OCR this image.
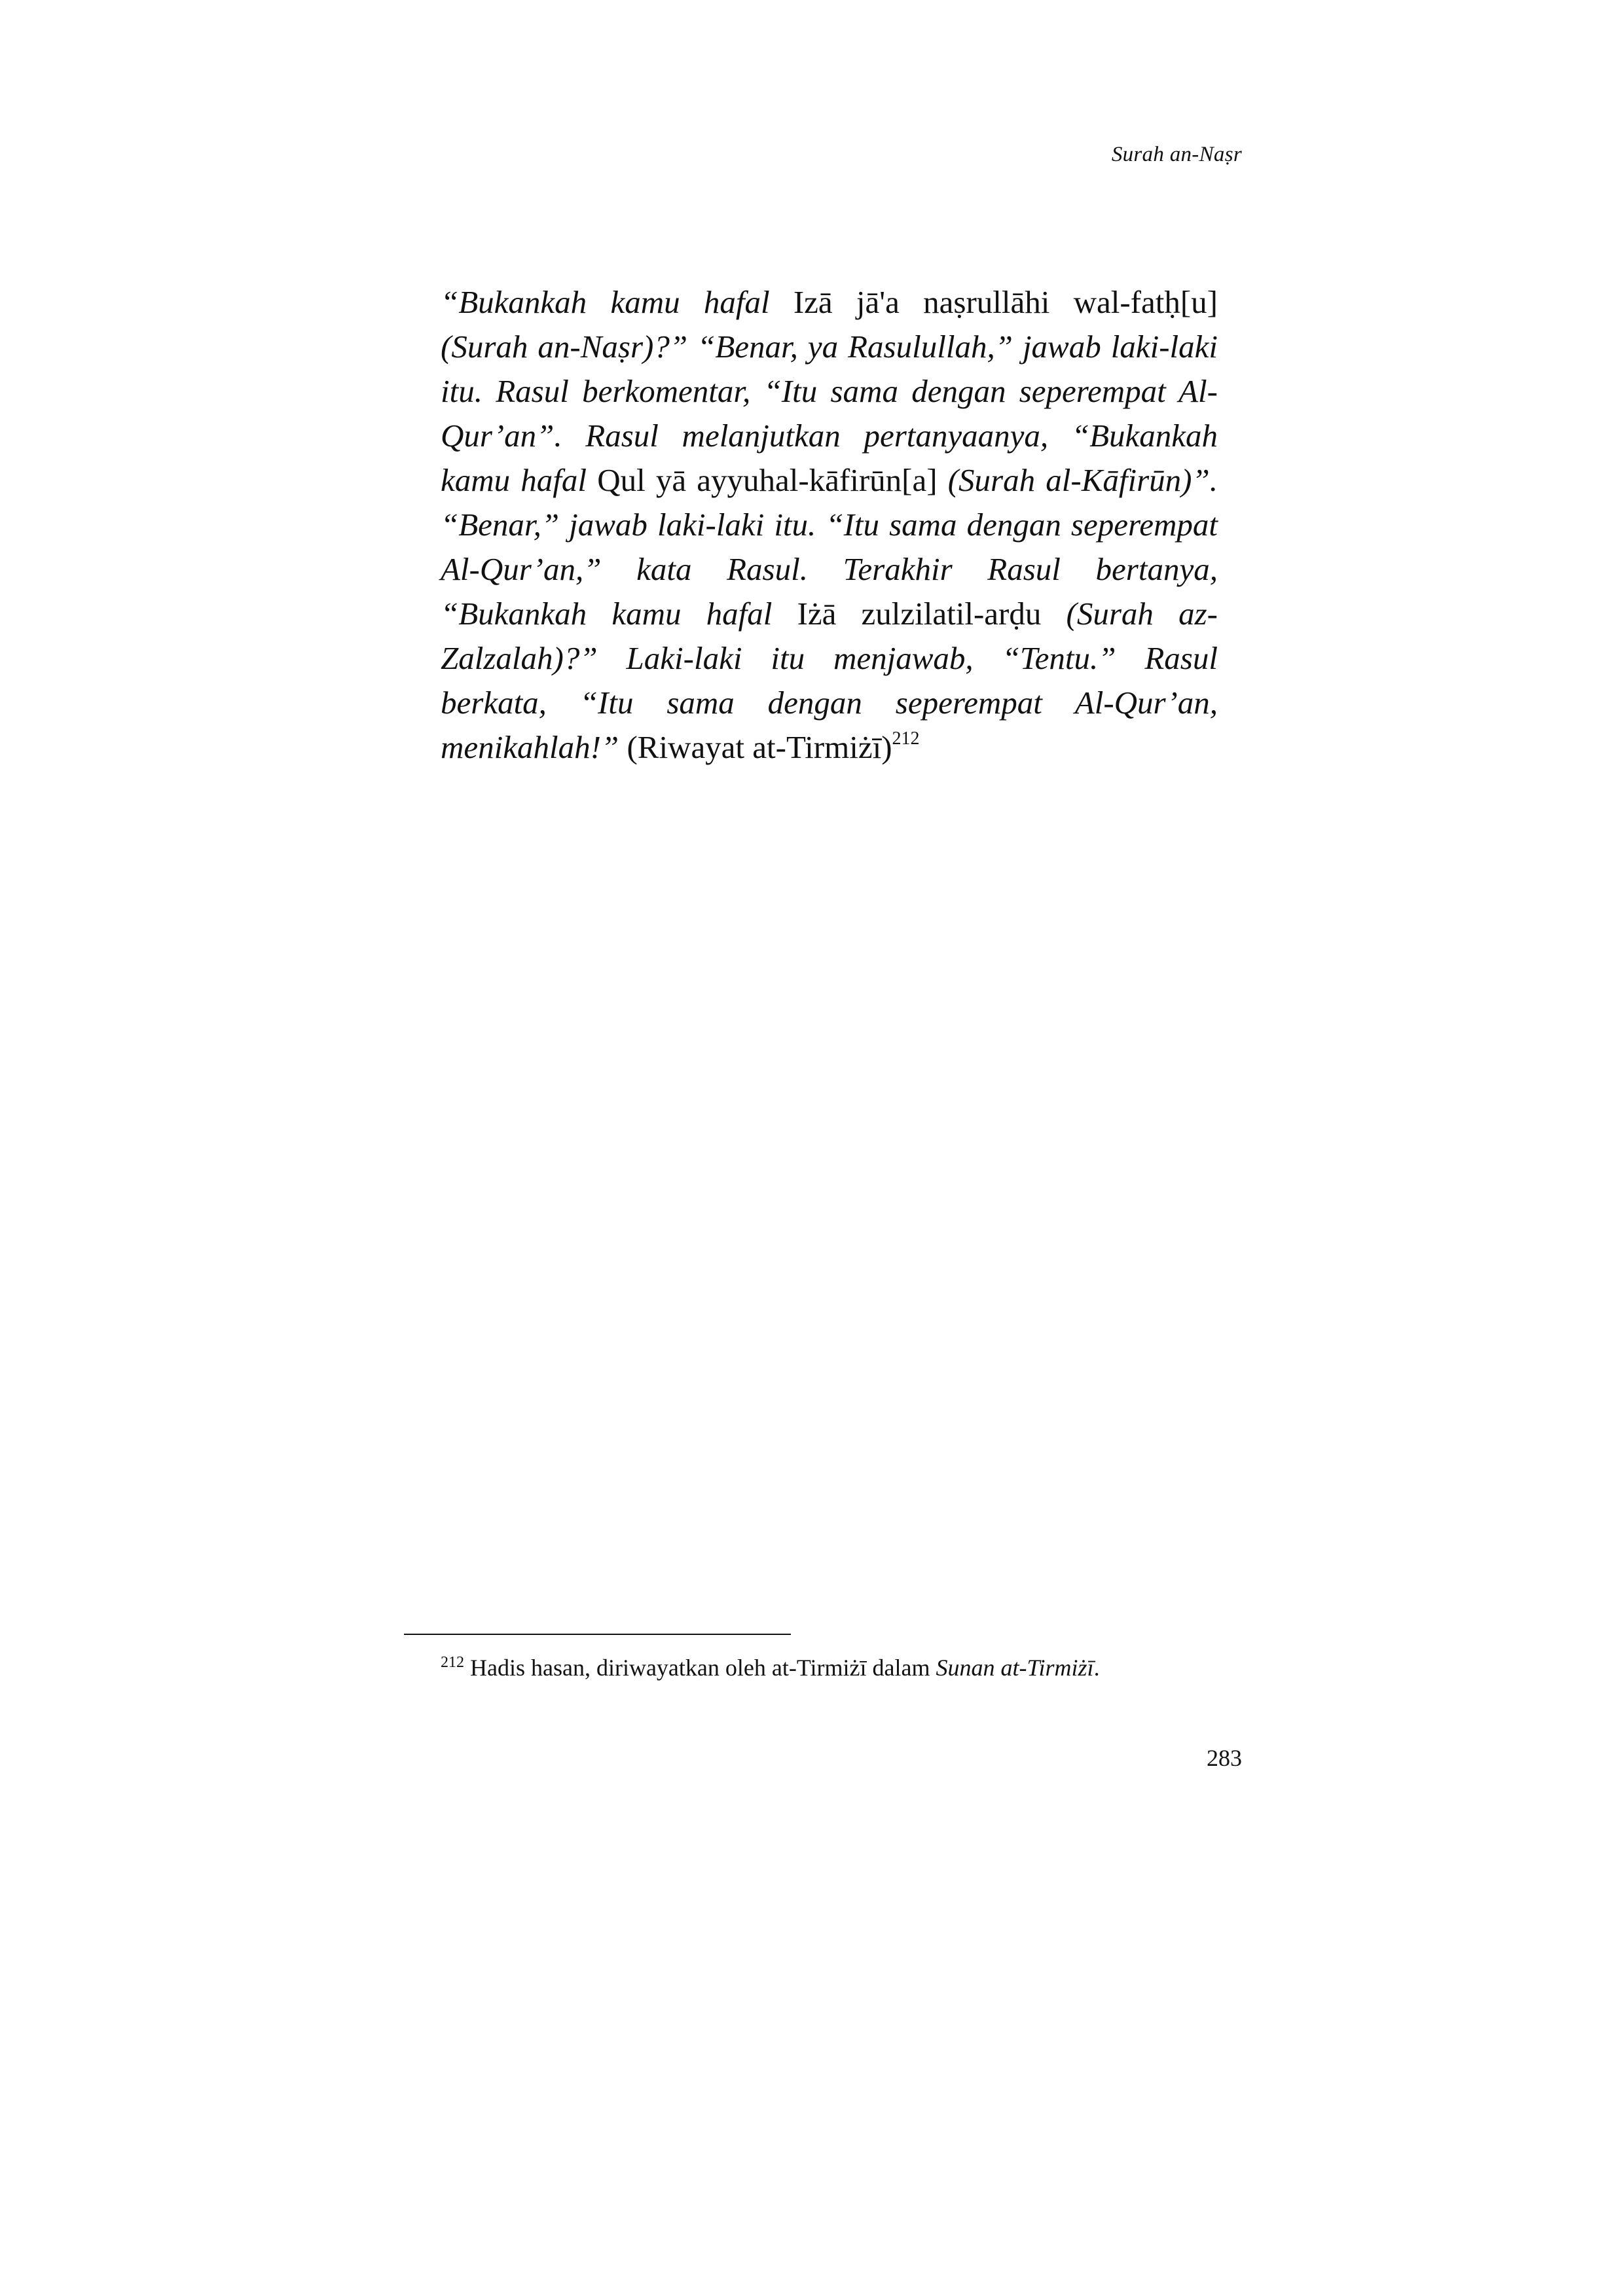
Surah an-Naṣr

“Bukankah kamu hafal Izā jā'a naṣrullāhi wal-fatḥ[u] (Surah an-Naṣr)?” “Benar, ya Rasulullah,” jawab laki-laki itu. Rasul berkomentar, “Itu sama dengan seperempat Al-Qur’an”. Rasul melanjutkan pertanyaanya, “Bukankah kamu hafal Qul yā ayyuhal-kāfirūn[a] (Surah al-Kāfirūn)”. “Benar,” jawab laki-laki itu. “Itu sama dengan seperempat Al-Qur’an,” kata Rasul. Terakhir Rasul bertanya, “Bukankah kamu hafal Iżā zulzilatil-arḍu (Surah az-Zalzalah)?” Laki-laki itu menjawab, “Tentu.” Rasul berkata, “Itu sama dengan seperempat Al-Qur’an, menikahlah!” (Riwayat at-Tirmiżī)$^{212}$

$^{212}$ Hadis hasan, diriwayatkan oleh at-Tirmiżī dalam Sunan at-Tirmiżī.

283
